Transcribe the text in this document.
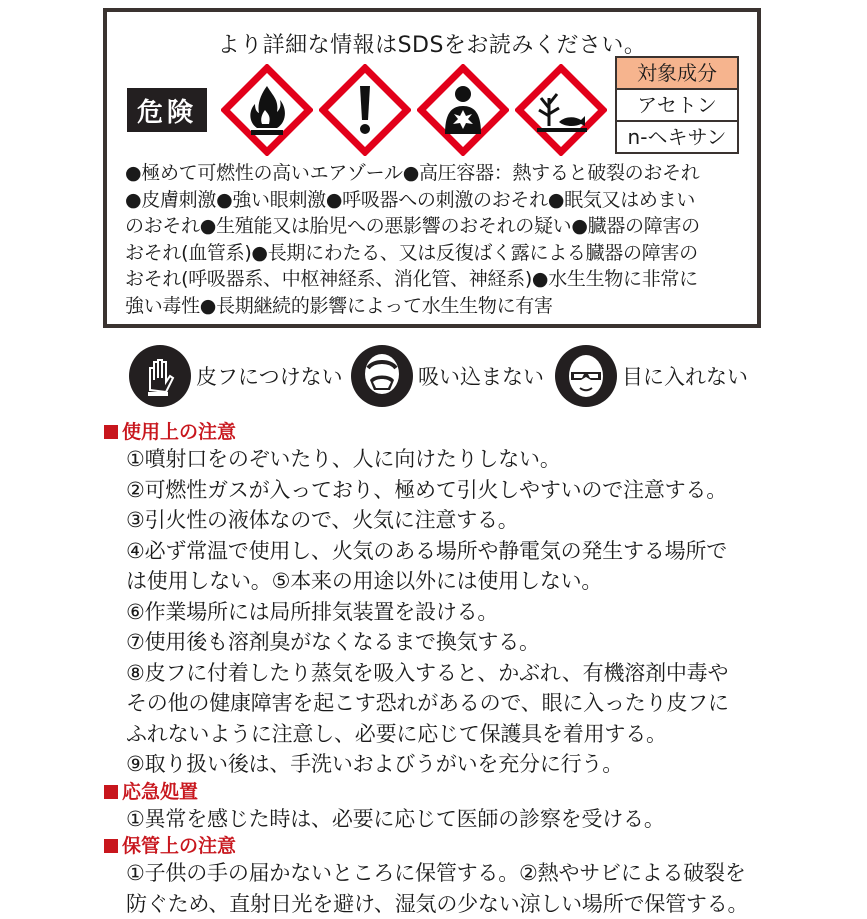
より詳細な情報はSDSをお読みください。
危険
対象成分
アセトン
n-ヘキサン
●極めて可燃性の高いエアゾール●高圧容器：熱すると破裂のおそれ
●皮膚刺激●強い眼刺激●呼吸器への刺激のおそれ●眠気又はめまい
のおそれ●生殖能又は胎児への悪影響のおそれの疑い●臓器の障害の
おそれ(血管系)●長期にわたる、又は反復ばく露による臓器の障害の
おそれ(呼吸器系、中枢神経系、消化管、神経系)●水生生物に非常に
強い毒性●長期継続的影響によって水生生物に有害
皮フにつけない	吸い込まない	目に入れない
使用上の注意
①噴射口をのぞいたり、人に向けたりしない。
②可燃性ガスが入っており、極めて引火しやすいので注意する。
③引火性の液体なので、火気に注意する。
④必ず常温で使用し、火気のある場所や静電気の発生する場所で
は使用しない。⑤本来の用途以外には使用しない。
⑥作業場所には局所排気装置を設ける。
⑦使用後も溶剤臭がなくなるまで換気する。
⑧皮フに付着したり蒸気を吸入すると、かぶれ、有機溶剤中毒や
その他の健康障害を起こす恐れがあるので、眼に入ったり皮フに
ふれないように注意し、必要に応じて保護具を着用する。
⑨取り扱い後は、手洗いおよびうがいを充分に行う。
応急処置
①異常を感じた時は、必要に応じて医師の診察を受ける。
保管上の注意
①子供の手の届かないところに保管する。②熱やサビによる破裂を
防ぐため、直射日光を避け、湿気の少ない涼しい場所で保管する。
